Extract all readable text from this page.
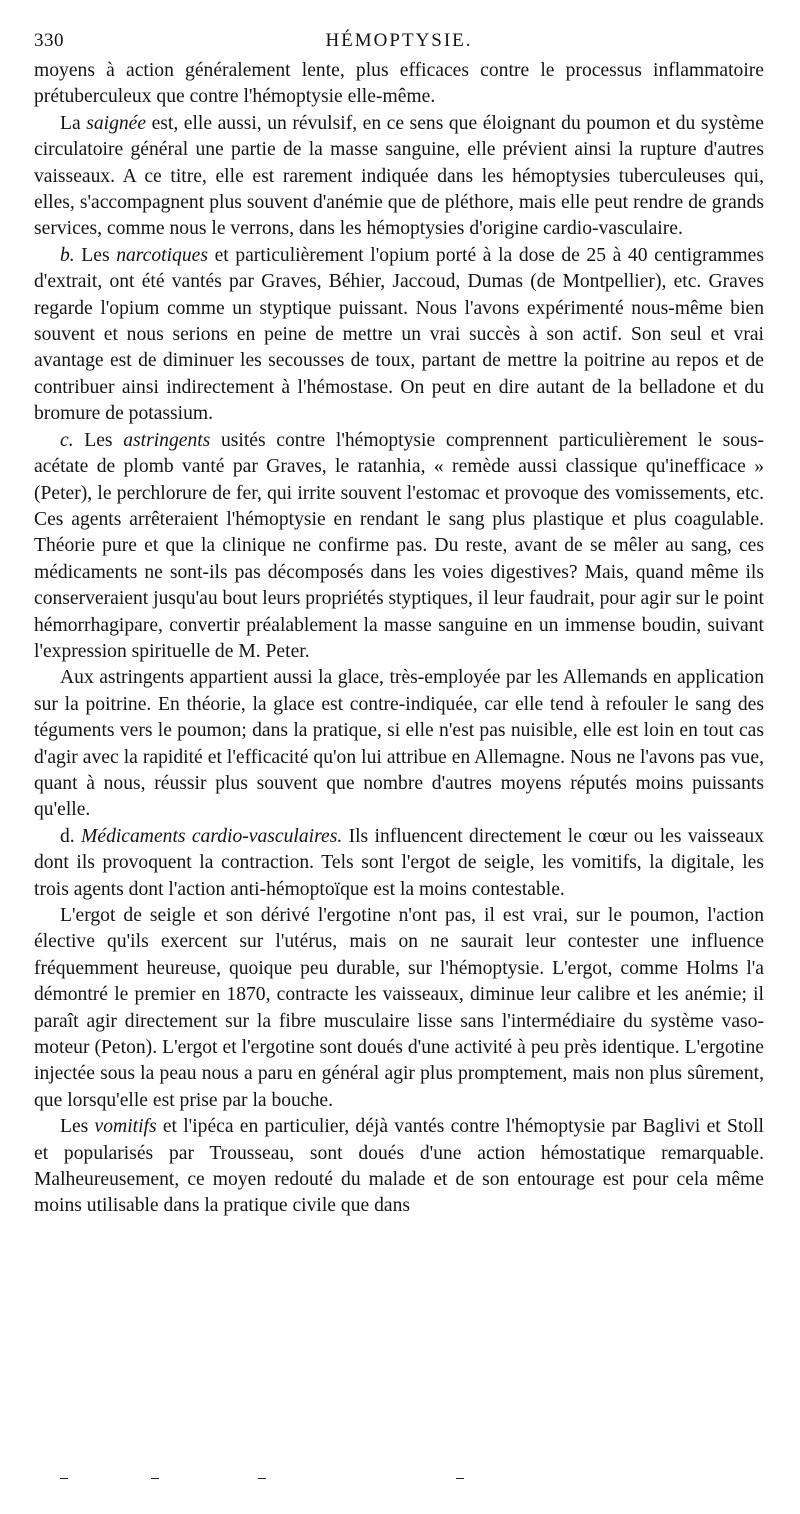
330	HÉMOPTYSIE.

moyens à action généralement lente, plus efficaces contre le processus inflammatoire prétuberculeux que contre l'hémoptysie elle-même.

La saignée est, elle aussi, un révulsif, en ce sens que éloignant du poumon et du système circulatoire général une partie de la masse sanguine, elle prévient ainsi la rupture d'autres vaisseaux. A ce titre, elle est rarement indiquée dans les hémoptysies tuberculeuses qui, elles, s'accompagnent plus souvent d'anémie que de pléthore, mais elle peut rendre de grands services, comme nous le verrons, dans les hémoptysies d'origine cardio-vasculaire.

b. Les narcotiques et particulièrement l'opium porté à la dose de 25 à 40 centigrammes d'extrait, ont été vantés par Graves, Béhier, Jaccoud, Dumas (de Montpellier), etc. Graves regarde l'opium comme un styptique puissant. Nous l'avons expérimenté nous-même bien souvent et nous serions en peine de mettre un vrai succès à son actif. Son seul et vrai avantage est de diminuer les secousses de toux, partant de mettre la poitrine au repos et de contribuer ainsi indirectement à l'hémostase. On peut en dire autant de la belladone et du bromure de potassium.

c. Les astringents usités contre l'hémoptysie comprennent particulièrement le sous-acétate de plomb vanté par Graves, le ratanhia, « remède aussi classique qu'inefficace » (Peter), le perchlorure de fer, qui irrite souvent l'estomac et provoque des vomissements, etc. Ces agents arrêteraient l'hémoptysie en rendant le sang plus plastique et plus coagulable. Théorie pure et que la clinique ne confirme pas. Du reste, avant de se mêler au sang, ces médicaments ne sont-ils pas décomposés dans les voies digestives? Mais, quand même ils conserveraient jusqu'au bout leurs propriétés styptiques, il leur faudrait, pour agir sur le point hémorrhagipare, convertir préalablement la masse sanguine en un immense boudin, suivant l'expression spirituelle de M. Peter.

Aux astringents appartient aussi la glace, très-employée par les Allemands en application sur la poitrine. En théorie, la glace est contre-indiquée, car elle tend à refouler le sang des téguments vers le poumon; dans la pratique, si elle n'est pas nuisible, elle est loin en tout cas d'agir avec la rapidité et l'efficacité qu'on lui attribue en Allemagne. Nous ne l'avons pas vue, quant à nous, réussir plus souvent que nombre d'autres moyens réputés moins puissants qu'elle.

d. Médicaments cardio-vasculaires. Ils influencent directement le cœur ou les vaisseaux dont ils provoquent la contraction. Tels sont l'ergot de seigle, les vomitifs, la digitale, les trois agents dont l'action anti-hémoptoïque est la moins contestable.

L'ergot de seigle et son dérivé l'ergotine n'ont pas, il est vrai, sur le poumon, l'action élective qu'ils exercent sur l'utérus, mais on ne saurait leur contester une influence fréquemment heureuse, quoique peu durable, sur l'hémoptysie. L'ergot, comme Holms l'a démontré le premier en 1870, contracte les vaisseaux, diminue leur calibre et les anémie; il paraît agir directement sur la fibre musculaire lisse sans l'intermédiaire du système vaso-moteur (Peton). L'ergot et l'ergotine sont doués d'une activité à peu près identique. L'ergotine injectée sous la peau nous a paru en général agir plus promptement, mais non plus sûrement, que lorsqu'elle est prise par la bouche.

Les vomitifs et l'ipéca en particulier, déjà vantés contre l'hémoptysie par Baglivi et Stoll et popularisés par Trousseau, sont doués d'une action hémostatique remarquable. Malheureusement, ce moyen redouté du malade et de son entourage est pour cela même moins utilisable dans la pratique civile que dans
